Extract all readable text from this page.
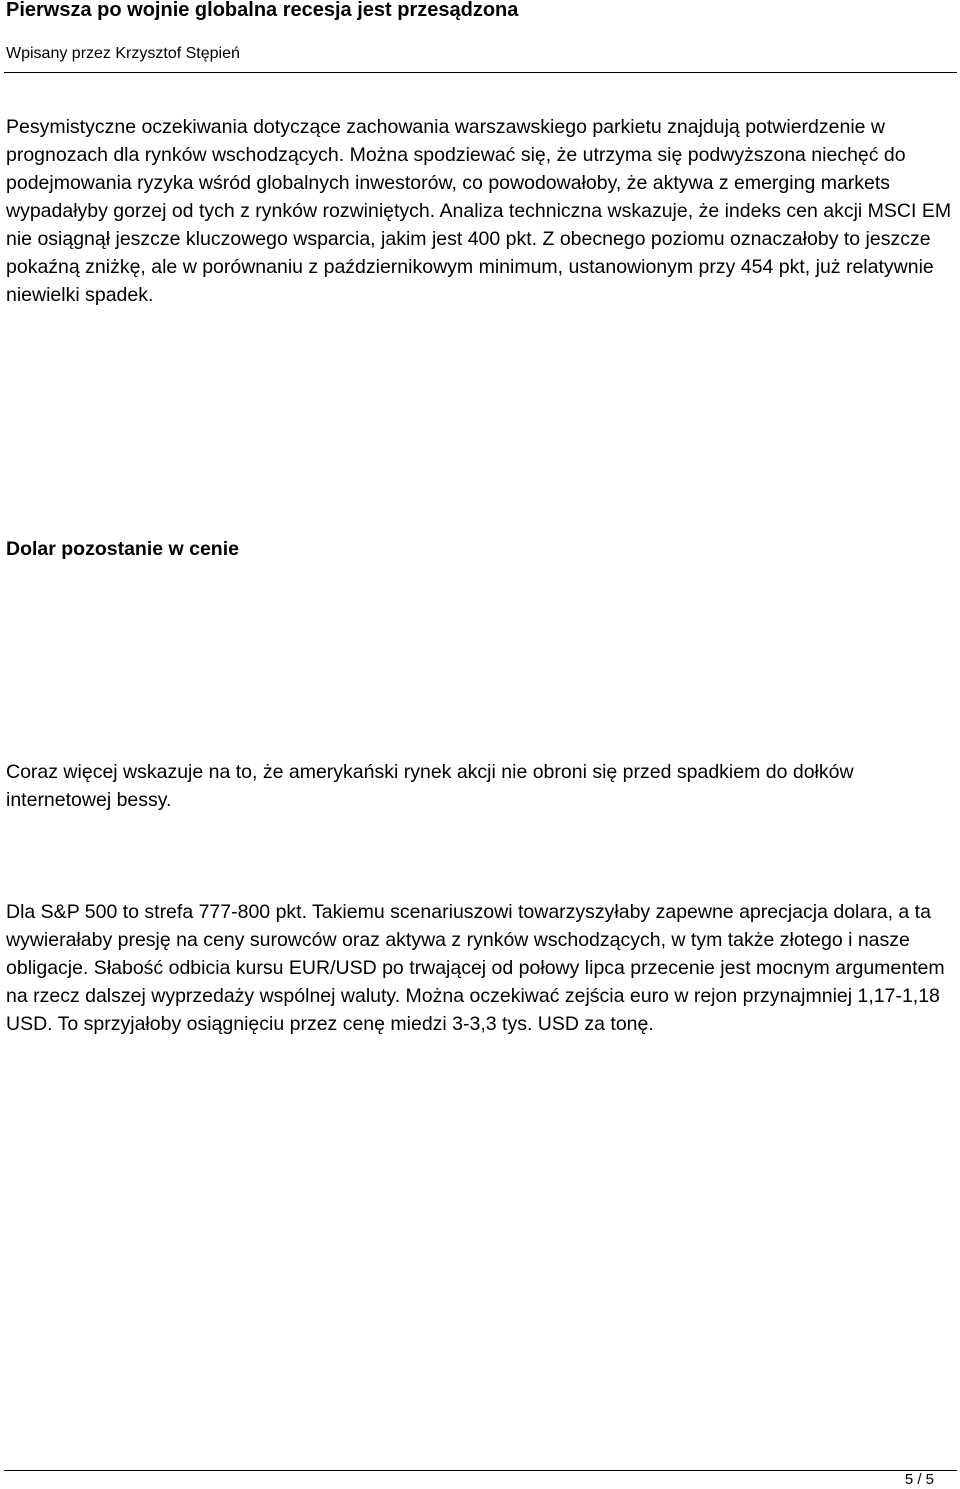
Pierwsza po wojnie globalna recesja jest przesądzona

Wpisany przez Krzysztof Stępień

Pesymistyczne oczekiwania dotyczące zachowania warszawskiego parkietu znajdują potwierdzenie w prognozach dla rynków wschodzących. Można spodziewać się, że utrzyma się podwyższona niechęć do podejmowania ryzyka wśród globalnych inwestorów, co powodowałoby, że aktywa z emerging markets wypadałyby gorzej od tych z rynków rozwiniętych. Analiza techniczna wskazuje, że indeks cen akcji MSCI EM nie osiągnął jeszcze kluczowego wsparcia, jakim jest 400 pkt. Z obecnego poziomu oznaczałoby to jeszcze pokaźną zniżkę, ale w porównaniu z październikowym minimum, ustanowionym przy 454 pkt, już relatywnie niewielki spadek.

Dolar pozostanie w cenie

Coraz więcej wskazuje na to, że amerykański rynek akcji nie obroni się przed spadkiem do dołków internetowej bessy.

Dla S&P 500 to strefa 777-800 pkt. Takiemu scenariuszowi towarzyszyłaby zapewne aprecjacja dolara, a ta wywierałaby presję na ceny surowców oraz aktywa z rynków wschodzących, w tym także złotego i nasze obligacje. Słabość odbicia kursu EUR/USD po trwającej od połowy lipca przecenie jest mocnym argumentem na rzecz dalszej wyprzedaży wspólnej waluty. Można oczekiwać zejścia euro w rejon przynajmniej 1,17-1,18 USD. To sprzyjałoby osiągnięciu przez cenę miedzi 3-3,3 tys. USD za tonę.

5 / 5
